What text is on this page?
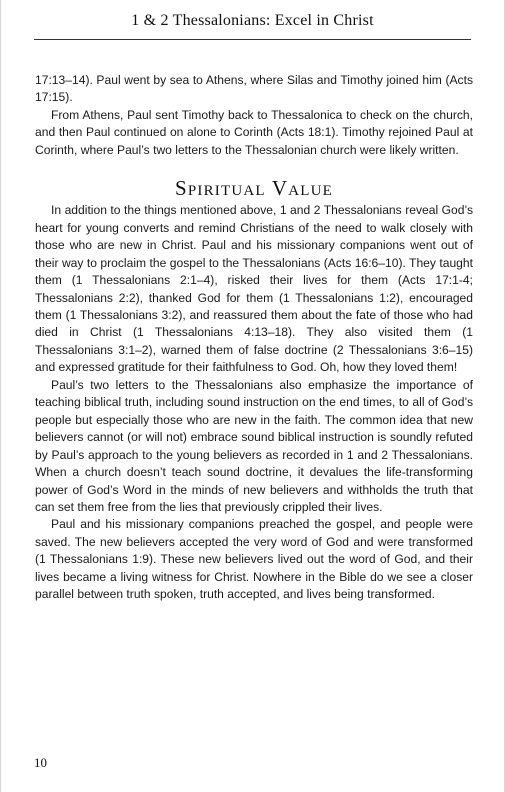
1 & 2 Thessalonians: Excel in Christ

17:13–14). Paul went by sea to Athens, where Silas and Timothy joined him (Acts 17:15).

From Athens, Paul sent Timothy back to Thessalonica to check on the church, and then Paul continued on alone to Corinth (Acts 18:1). Timothy rejoined Paul at Corinth, where Paul’s two letters to the Thessalonian church were likely written.

Spiritual Value

In addition to the things mentioned above, 1 and 2 Thessalonians reveal God’s heart for young converts and remind Christians of the need to walk closely with those who are new in Christ. Paul and his missionary companions went out of their way to proclaim the gospel to the Thessalonians (Acts 16:6–10). They taught them (1 Thessalonians 2:1–4), risked their lives for them (Acts 17:1-4; Thessalonians 2:2), thanked God for them (1 Thessalonians 1:2), encouraged them (1 Thessalonians 3:2), and reassured them about the fate of those who had died in Christ (1 Thessalonians 4:13–18). They also visited them (1 Thessalonians 3:1–2), warned them of false doctrine (2 Thessalonians 3:6–15) and expressed gratitude for their faithfulness to God. Oh, how they loved them!

Paul’s two letters to the Thessalonians also emphasize the importance of teaching biblical truth, including sound instruction on the end times, to all of God’s people but especially those who are new in the faith. The common idea that new believers cannot (or will not) embrace sound biblical instruction is soundly refuted by Paul’s approach to the young believers as recorded in 1 and 2 Thessalonians. When a church doesn’t teach sound doctrine, it devalues the life-transforming power of God’s Word in the minds of new believers and withholds the truth that can set them free from the lies that previously crippled their lives.

Paul and his missionary companions preached the gospel, and people were saved. The new believers accepted the very word of God and were transformed (1 Thessalonians 1:9). These new believers lived out the word of God, and their lives became a living witness for Christ. Nowhere in the Bible do we see a closer parallel between truth spoken, truth accepted, and lives being transformed.

10
